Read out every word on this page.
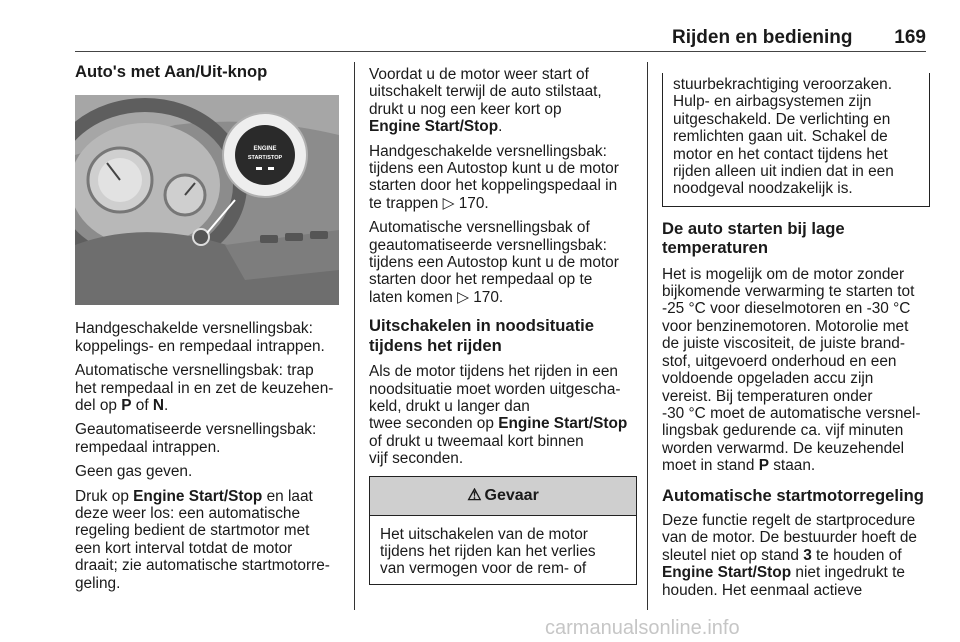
Rijden en bediening 169
Auto's met Aan/Uit-knop
ENGINE
START/STOP

Handgeschakelde versnellingsbak:
koppelings- en rempedaal intrappen.

Automatische versnellingsbak: trap
het rempedaal in en zet de keuzehen-
del op P of N.

Geautomatiseerde versnellingsbak:
rempedaal intrappen.

Geen gas geven.

Druk op Engine Start/Stop en laat
deze weer los: een automatische
regeling bedient de startmotor met
een kort interval totdat de motor
draait; zie automatische startmotorre-
geling.

Voordat u de motor weer start of
uitschakelt terwijl de auto stilstaat,
drukt u nog een keer kort op
Engine Start/Stop.

Handgeschakelde versnellingsbak:
tijdens een Autostop kunt u de motor
starten door het koppelingspedaal in
te trappen ▷ 170.

Automatische versnellingsbak of
geautomatiseerde versnellingsbak:
tijdens een Autostop kunt u de motor
starten door het rempedaal op te
laten komen ▷ 170.

Uitschakelen in noodsituatie
tijdens het rijden

Als de motor tijdens het rijden in een
noodsituatie moet worden uitgescha-
keld, drukt u langer dan
twee seconden op Engine Start/Stop
of drukt u tweemaal kort binnen
vijf seconden.

⚠ Gevaar
Het uitschakelen van de motor
tijdens het rijden kan het verlies
van vermogen voor de rem- of
stuurbekrachtiging veroorzaken.
Hulp- en airbagsystemen zijn
uitgeschakeld. De verlichting en
remlichten gaan uit. Schakel de
motor en het contact tijdens het
rijden alleen uit indien dat in een
noodgeval noodzakelijk is.
De auto starten bij lage
temperaturen

Het is mogelijk om de motor zonder
bijkomende verwarming te starten tot
-25 °C voor dieselmotoren en -30 °C
voor benzinemotoren. Motorolie met
de juiste viscositeit, de juiste brand-
stof, uitgevoerd onderhoud en een
voldoende opgeladen accu zijn
vereist. Bij temperaturen onder
-30 °C moet de automatische versnel-
lingsbak gedurende ca. vijf minuten
worden verwarmd. De keuzehendel
moet in stand P staan.

Automatische startmotorregeling

Deze functie regelt de startprocedure
van de motor. De bestuurder hoeft de
sleutel niet op stand 3 te houden of
Engine Start/Stop niet ingedrukt te
houden. Het eenmaal actieve

carmanualsonline.info
